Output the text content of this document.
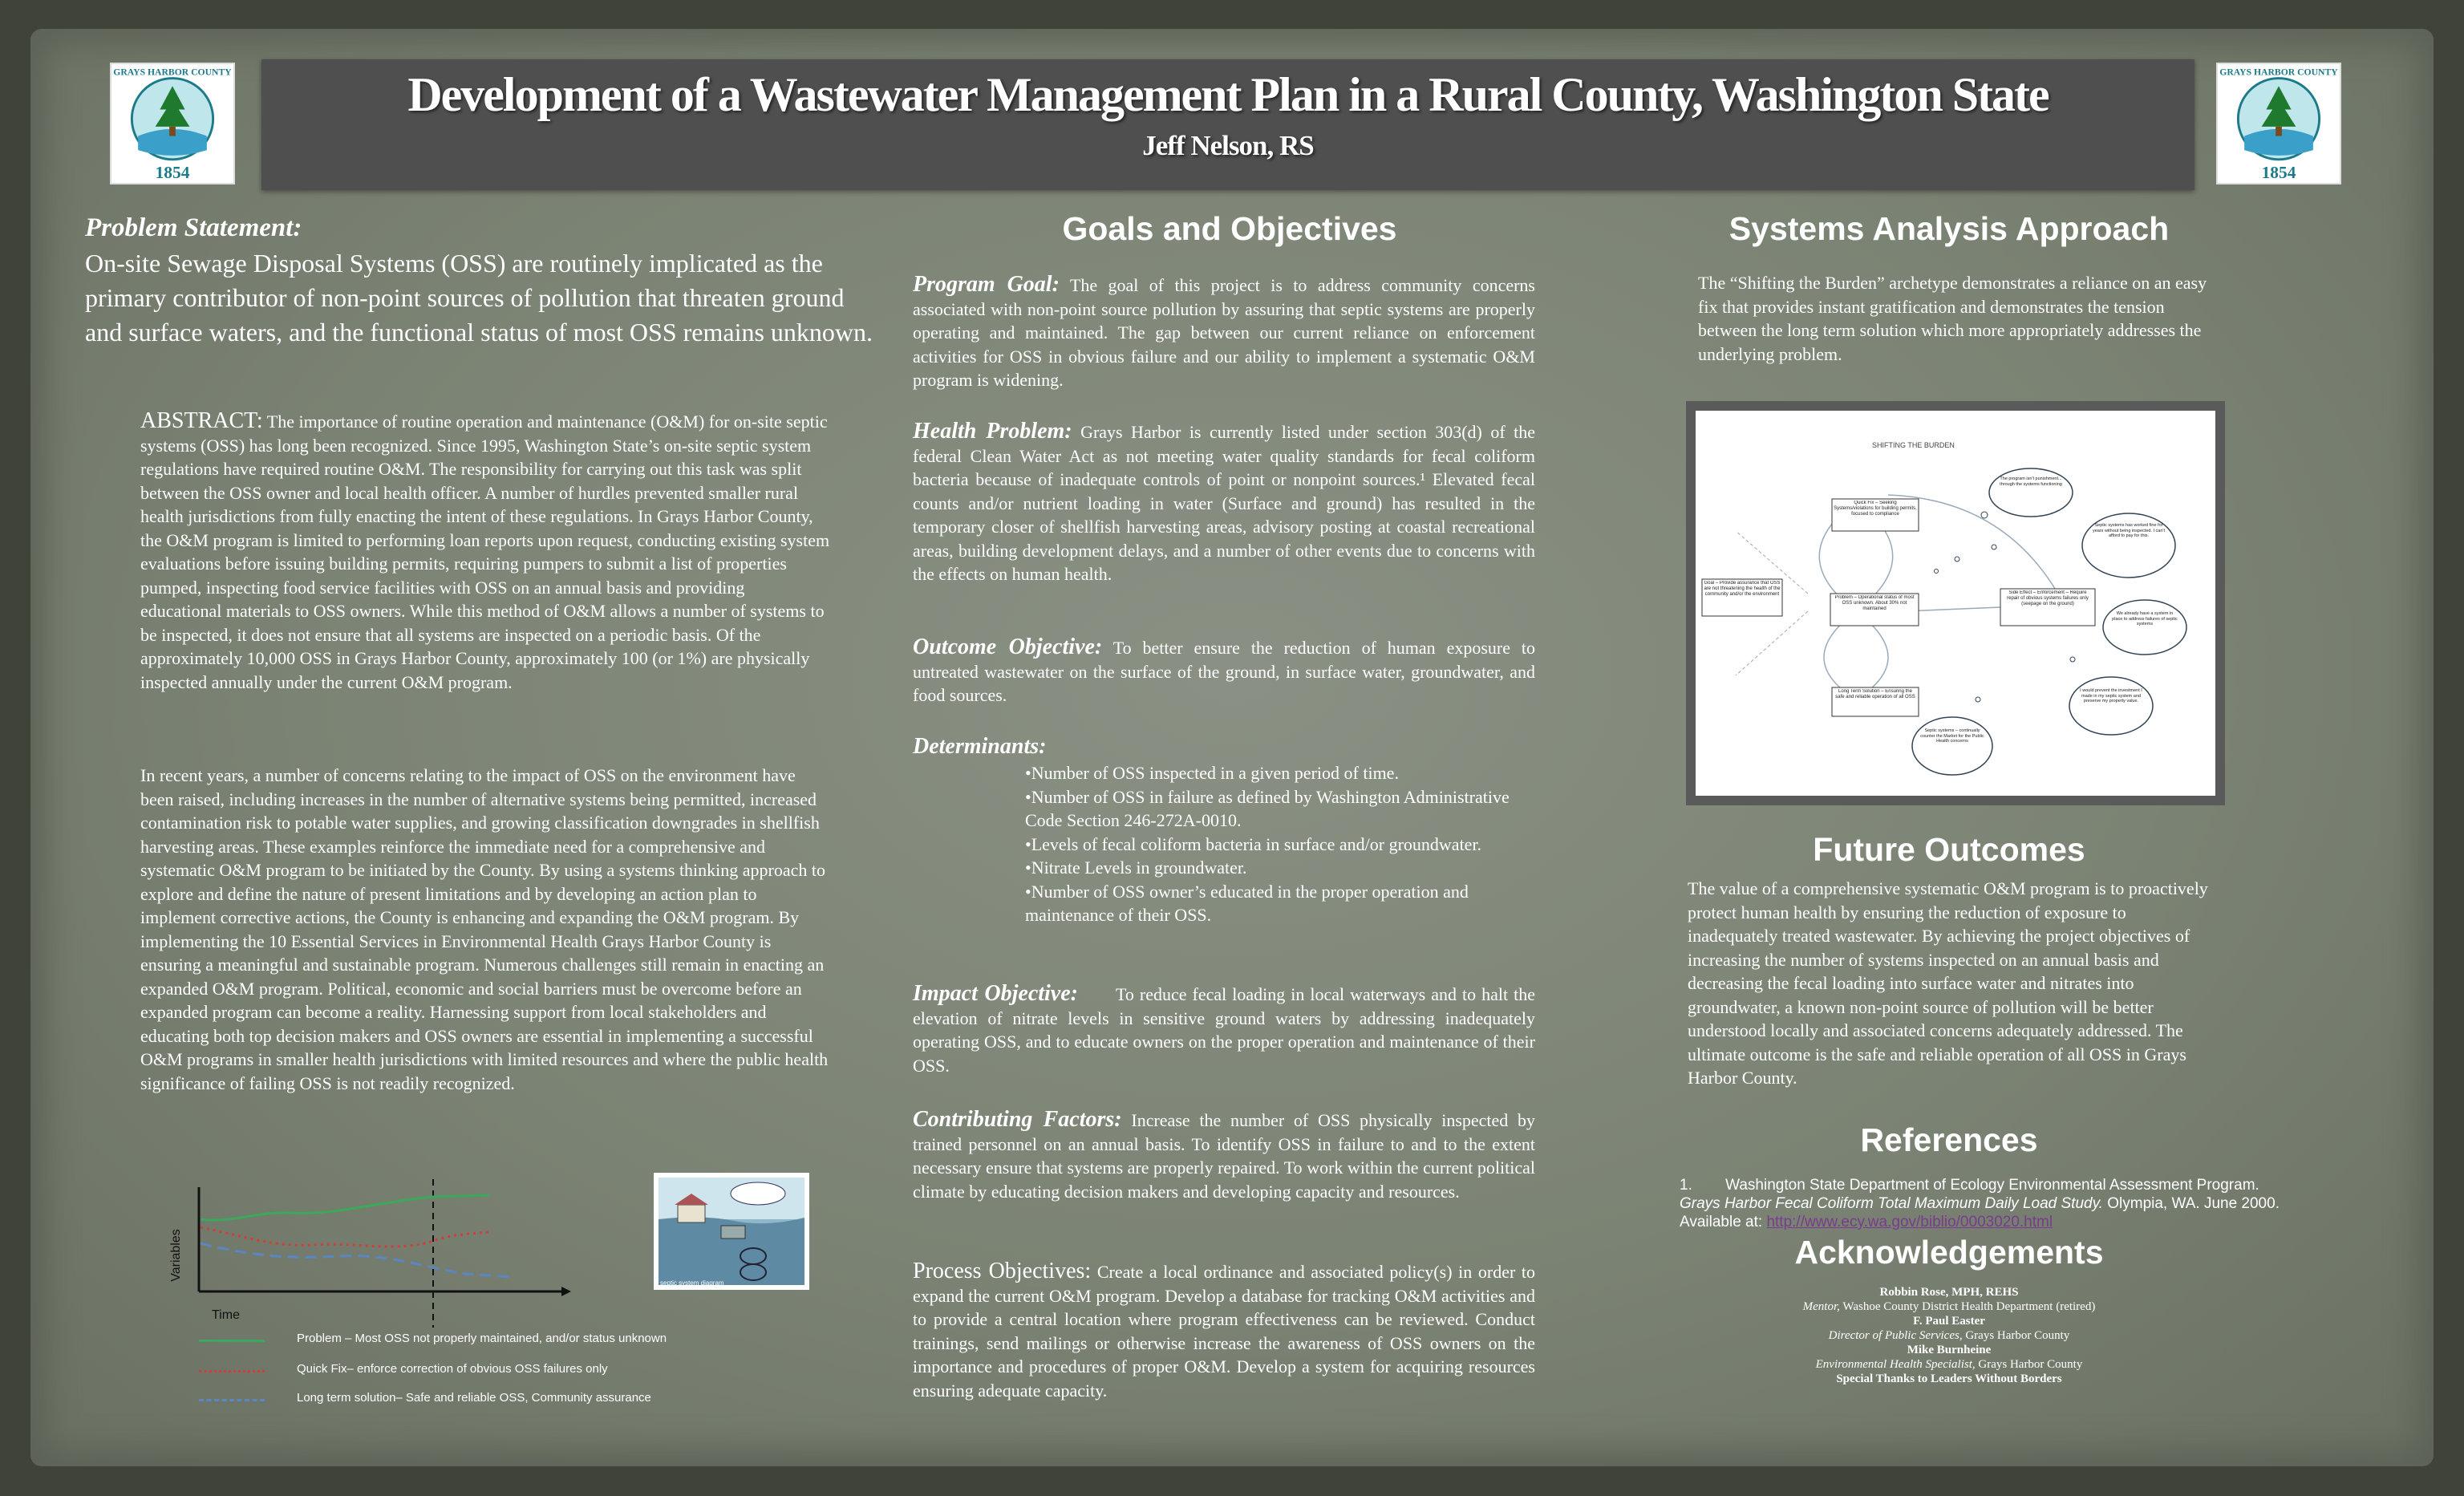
GRAYS HARBOR COUNTY
1854
GRAYS HARBOR COUNTY
1854
Development of a Wastewater Management Plan in a Rural County, Washington State
Jeff Nelson, RS
Problem Statement:
On-site Sewage Disposal Systems (OSS) are routinely implicated as the primary contributor of non-point sources of pollution that threaten ground and surface waters, and the functional status of most OSS remains unknown.
ABSTRACT: The importance of routine operation and maintenance (O&M) for on-site septic systems (OSS) has long been recognized. Since 1995, Washington State’s on-site septic system regulations have required routine O&M. The responsibility for carrying out this task was split between the OSS owner and local health officer. A number of hurdles prevented smaller rural health jurisdictions from fully enacting the intent of these regulations. In Grays Harbor County, the O&M program is limited to performing loan reports upon request, conducting existing system evaluations before issuing building permits, requiring pumpers to submit a list of properties pumped, inspecting food service facilities with OSS on an annual basis and providing educational materials to OSS owners. While this method of O&M allows a number of systems to be inspected, it does not ensure that all systems are inspected on a periodic basis. Of the approximately 10,000 OSS in Grays Harbor County, approximately 100 (or 1%) are physically inspected annually under the current O&M program.
In recent years, a number of concerns relating to the impact of OSS on the environment have been raised, including increases in the number of alternative systems being permitted, increased contamination risk to potable water supplies, and growing classification downgrades in shellfish harvesting areas. These examples reinforce the immediate need for a comprehensive and systematic O&M program to be initiated by the County. By using a systems thinking approach to explore and define the nature of present limitations and by developing an action plan to implement corrective actions, the County is enhancing and expanding the O&M program. By implementing the 10 Essential Services in Environmental Health Grays Harbor County is ensuring a meaningful and sustainable program. Numerous challenges still remain in enacting an expanded O&M program. Political, economic and social barriers must be overcome before an expanded program can become a reality. Harnessing support from local stakeholders and educating both top decision makers and OSS owners are essential in implementing a successful O&M programs in smaller health jurisdictions with limited resources and where the public health significance of failing OSS is not readily recognized.
Variables
Time
Problem – Most OSS not properly maintained, and/or status unknown
Quick Fix– enforce correction of obvious OSS failures only
Long term solution– Safe and reliable OSS, Community assurance
septic system diagram
Goals and Objectives
Program Goal: The goal of this project is to address community concerns associated with non-point source pollution by assuring that septic systems are properly operating and maintained. The gap between our current reliance on enforcement activities for OSS in obvious failure and our ability to implement a systematic O&M program is widening.
Health Problem: Grays Harbor is currently listed under section 303(d) of the federal Clean Water Act as not meeting water quality standards for fecal coliform bacteria because of inadequate controls of point or nonpoint sources.¹ Elevated fecal counts and/or nutrient loading in water (Surface and ground) has resulted in the temporary closer of shellfish harvesting areas, advisory posting at coastal recreational areas, building development delays, and a number of other events due to concerns with the effects on human health.
Outcome Objective: To better ensure the reduction of human exposure to untreated wastewater on the surface of the ground, in surface water, groundwater, and food sources.
Determinants:
•Number of OSS inspected in a given period of time.
•Number of OSS in failure as defined by Washington Administrative Code Section 246-272A-0010.
•Levels of fecal coliform bacteria in surface and/or groundwater.
•Nitrate Levels in groundwater.
•Number of OSS owner’s educated in the proper operation and maintenance of their OSS.
Impact Objective: To reduce fecal loading in local waterways and to halt the elevation of nitrate levels in sensitive ground waters by addressing inadequately operating OSS, and to educate owners on the proper operation and maintenance of their OSS.
Contributing Factors: Increase the number of OSS physically inspected by trained personnel on an annual basis. To identify OSS in failure to and to the extent necessary ensure that systems are properly repaired. To work within the current political climate by educating decision makers and developing capacity and resources.
Process Objectives: Create a local ordinance and associated policy(s) in order to expand the current O&M program. Develop a database for tracking O&M activities and to provide a central location where program effectiveness can be reviewed. Conduct trainings, send mailings or otherwise increase the awareness of OSS owners on the importance and procedures of proper O&M. Develop a system for acquiring resources ensuring adequate capacity.
Systems Analysis Approach
The “Shifting the Burden” archetype demonstrates a reliance on an easy fix that provides instant gratification and demonstrates the tension between the long term solution which more appropriately addresses the underlying problem.
SHIFTING THE BURDEN
Goal – Provide assurance that OSS are not threatening the health of the community and/or the environment
Quick Fix – Seeking Systems/violations for building permits, focused to compliance
Problem – Operational status of most OSS unknown. About 30% not maintained
Long Term Solution – Ensuring the safe and reliable operation of all OSS
Side Effect – Enforcement – Require repair of obvious systems failures only (seepage on the ground)
The program isn't punishment... through the systems functioning
Septic systems has worked fine for years without being inspected. I can't afford to pay for this.
We already have a system in place to address failures of septic systems
I would prevent the investment I made in my septic system and preserve my property value.
Septic systems – continually counter the Market for the Public Health concerns
Future Outcomes
The value of a comprehensive systematic O&M program is to proactively protect human health by ensuring the reduction of exposure to inadequately treated wastewater. By achieving the project objectives of increasing the number of systems inspected on an annual basis and decreasing the fecal loading into surface water and nitrates into groundwater, a known non-point source of pollution will be better understood locally and associated concerns adequately addressed. The ultimate outcome is the safe and reliable operation of all OSS in Grays Harbor County.
References
1. Washington State Department of Ecology Environmental Assessment Program. Grays Harbor Fecal Coliform Total Maximum Daily Load Study. Olympia, WA. June 2000. Available at: http://www.ecy.wa.gov/biblio/0003020.html
Acknowledgements
Robbin Rose, MPH, REHS
Mentor, Washoe County District Health Department (retired)
F. Paul Easter
Director of Public Services, Grays Harbor County
Mike Burnheine
Environmental Health Specialist, Grays Harbor County
Special Thanks to Leaders Without Borders
